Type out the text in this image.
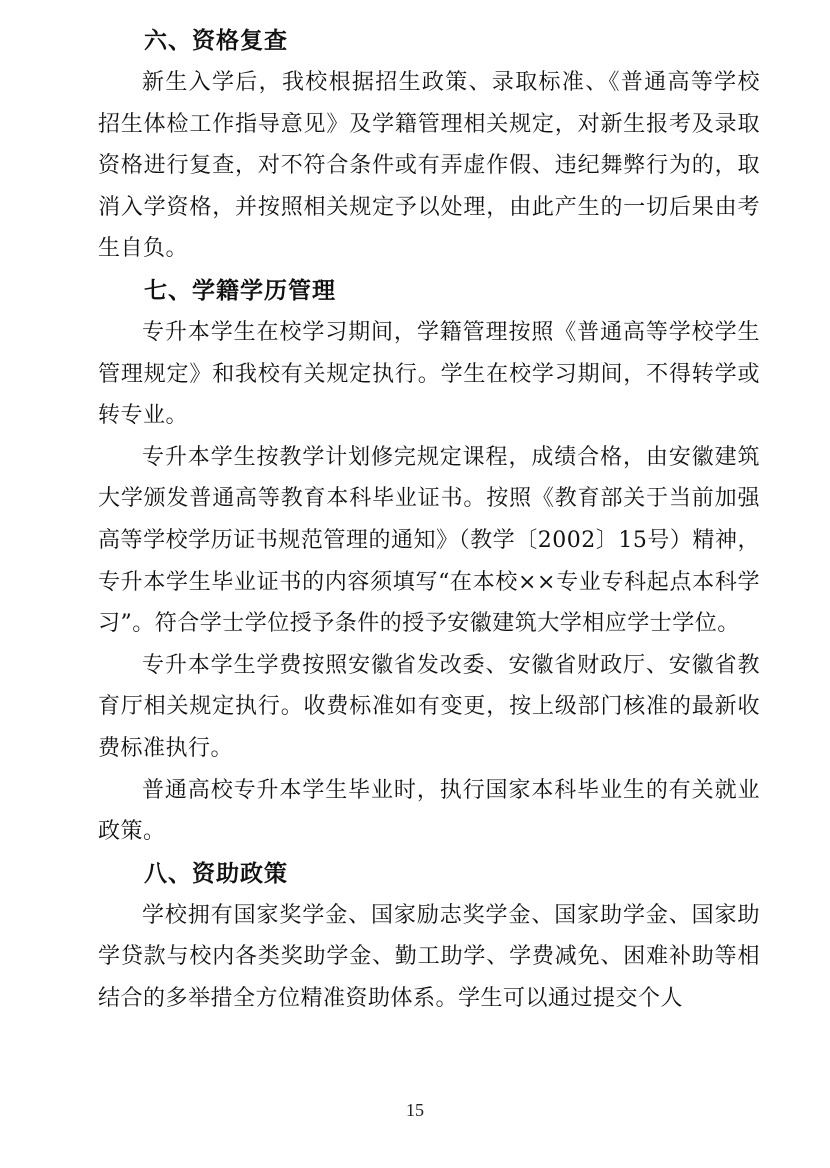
六、资格复查

新生入学后，我校根据招生政策、录取标准、《普通高等学校招生体检工作指导意见》及学籍管理相关规定，对新生报考及录取资格进行复查，对不符合条件或有弄虚作假、违纪舞弊行为的，取消入学资格，并按照相关规定予以处理，由此产生的一切后果由考生自负。

七、学籍学历管理

专升本学生在校学习期间，学籍管理按照《普通高等学校学生管理规定》和我校有关规定执行。学生在校学习期间，不得转学或转专业。

专升本学生按教学计划修完规定课程，成绩合格，由安徽建筑大学颁发普通高等教育本科毕业证书。按照《教育部关于当前加强高等学校学历证书规范管理的通知》（教学〔2002〕15号）精神，专升本学生毕业证书的内容须填写“在本校××专业专科起点本科学习”。符合学士学位授予条件的授予安徽建筑大学相应学士学位。

专升本学生学费按照安徽省发改委、安徽省财政厅、安徽省教育厅相关规定执行。收费标准如有变更，按上级部门核准的最新收费标准执行。

普通高校专升本学生毕业时，执行国家本科毕业生的有关就业政策。

八、资助政策

学校拥有国家奖学金、国家励志奖学金、国家助学金、国家助学贷款与校内各类奖助学金、勤工助学、学费减免、困难补助等相结合的多举措全方位精准资助体系。学生可以通过提交个人

15
